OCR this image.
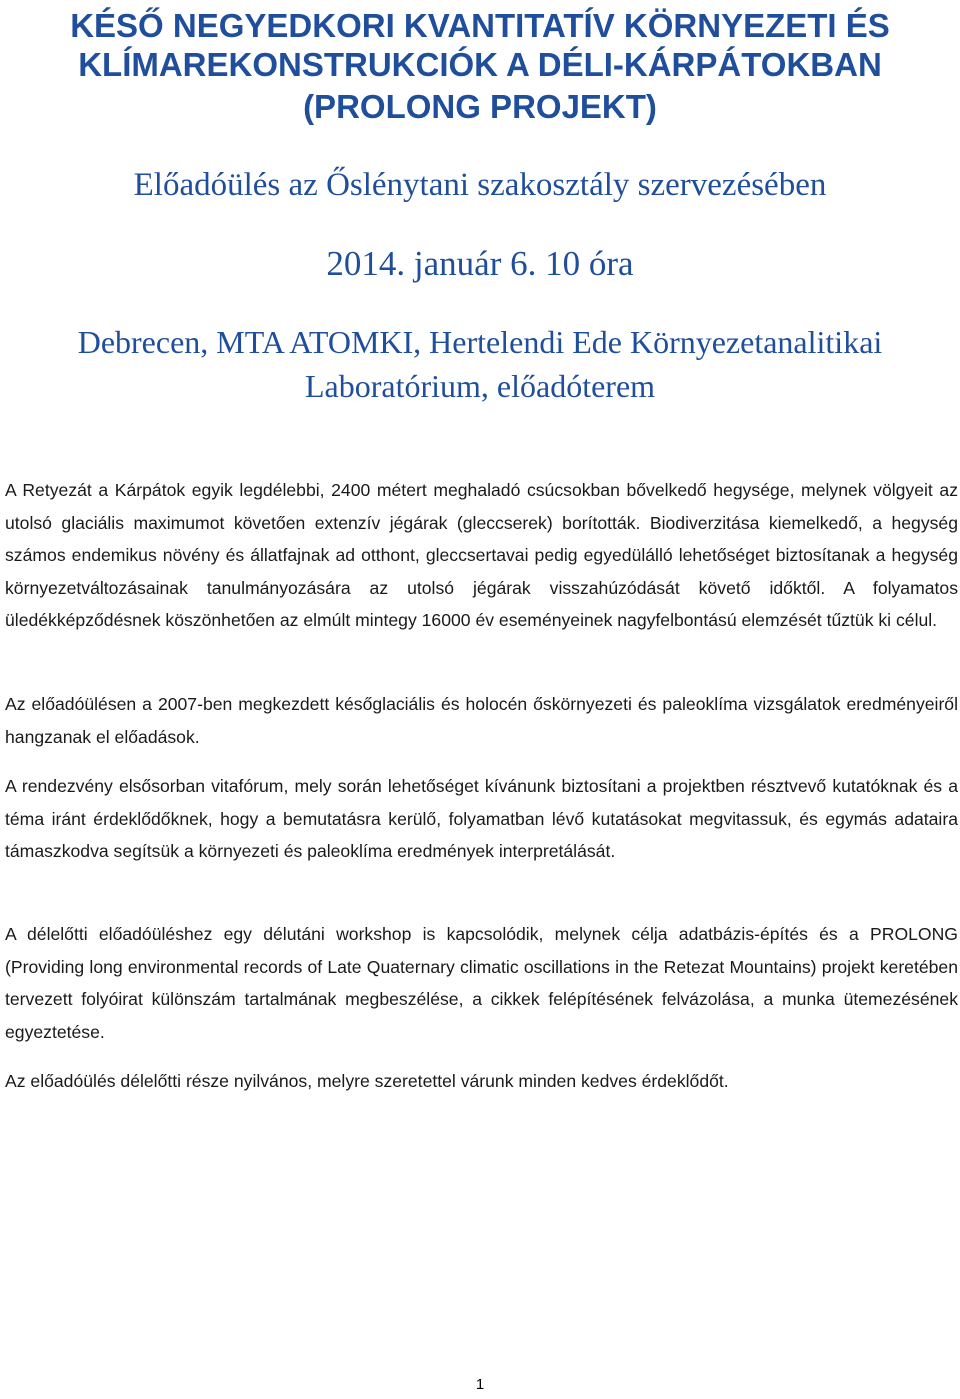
KÉSŐ NEGYEDKORI KVANTITATÍV KÖRNYEZETI ÉS
KLÍMAREKONSTRUKCIÓK A DÉLI-KÁRPÁTOKBAN
(PROLONG PROJEKT)

Előadóülés az Őslénytani szakosztály szervezésében

2014. január 6. 10 óra

Debrecen, MTA ATOMKI, Hertelendi Ede Környezetanalitikai
Laboratórium, előadóterem

A Retyezát a Kárpátok egyik legdélebbi, 2400 métert meghaladó csúcsokban bővelkedő hegysége, melynek völgyeit az utolsó glaciális maximumot követően extenzív jégárak (gleccserek) borították. Biodiverzitása kiemelkedő, a hegység számos endemikus növény és állatfajnak ad otthont, gleccsertavai pedig egyedülálló lehetőséget biztosítanak a hegység környezetváltozásainak tanulmányozására az utolsó jégárak visszahúzódását követő időktől. A folyamatos üledékképződésnek köszönhetően az elmúlt mintegy 16000 év eseményeinek nagyfelbontású elemzését tűztük ki célul.

Az előadóülésen a 2007-ben megkezdett későglaciális és holocén őskörnyezeti és paleoklíma vizsgálatok eredményeiről hangzanak el előadások.

A rendezvény elsősorban vitafórum, mely során lehetőséget kívánunk biztosítani a projektben résztvevő kutatóknak és a téma iránt érdeklődőknek, hogy a bemutatásra kerülő, folyamatban lévő kutatásokat megvitassuk, és egymás adataira támaszkodva segítsük a környezeti és paleoklíma eredmények interpretálását.

A délelőtti előadóüléshez egy délutáni workshop is kapcsolódik, melynek célja adatbázis-építés és a PROLONG (Providing long environmental records of Late Quaternary climatic oscillations in the Retezat Mountains) projekt keretében tervezett folyóirat különszám tartalmának megbeszélése, a cikkek felépítésének felvázolása, a munka ütemezésének egyeztetése.

Az előadóülés délelőtti része nyilvános, melyre szeretettel várunk minden kedves érdeklődőt.

1
